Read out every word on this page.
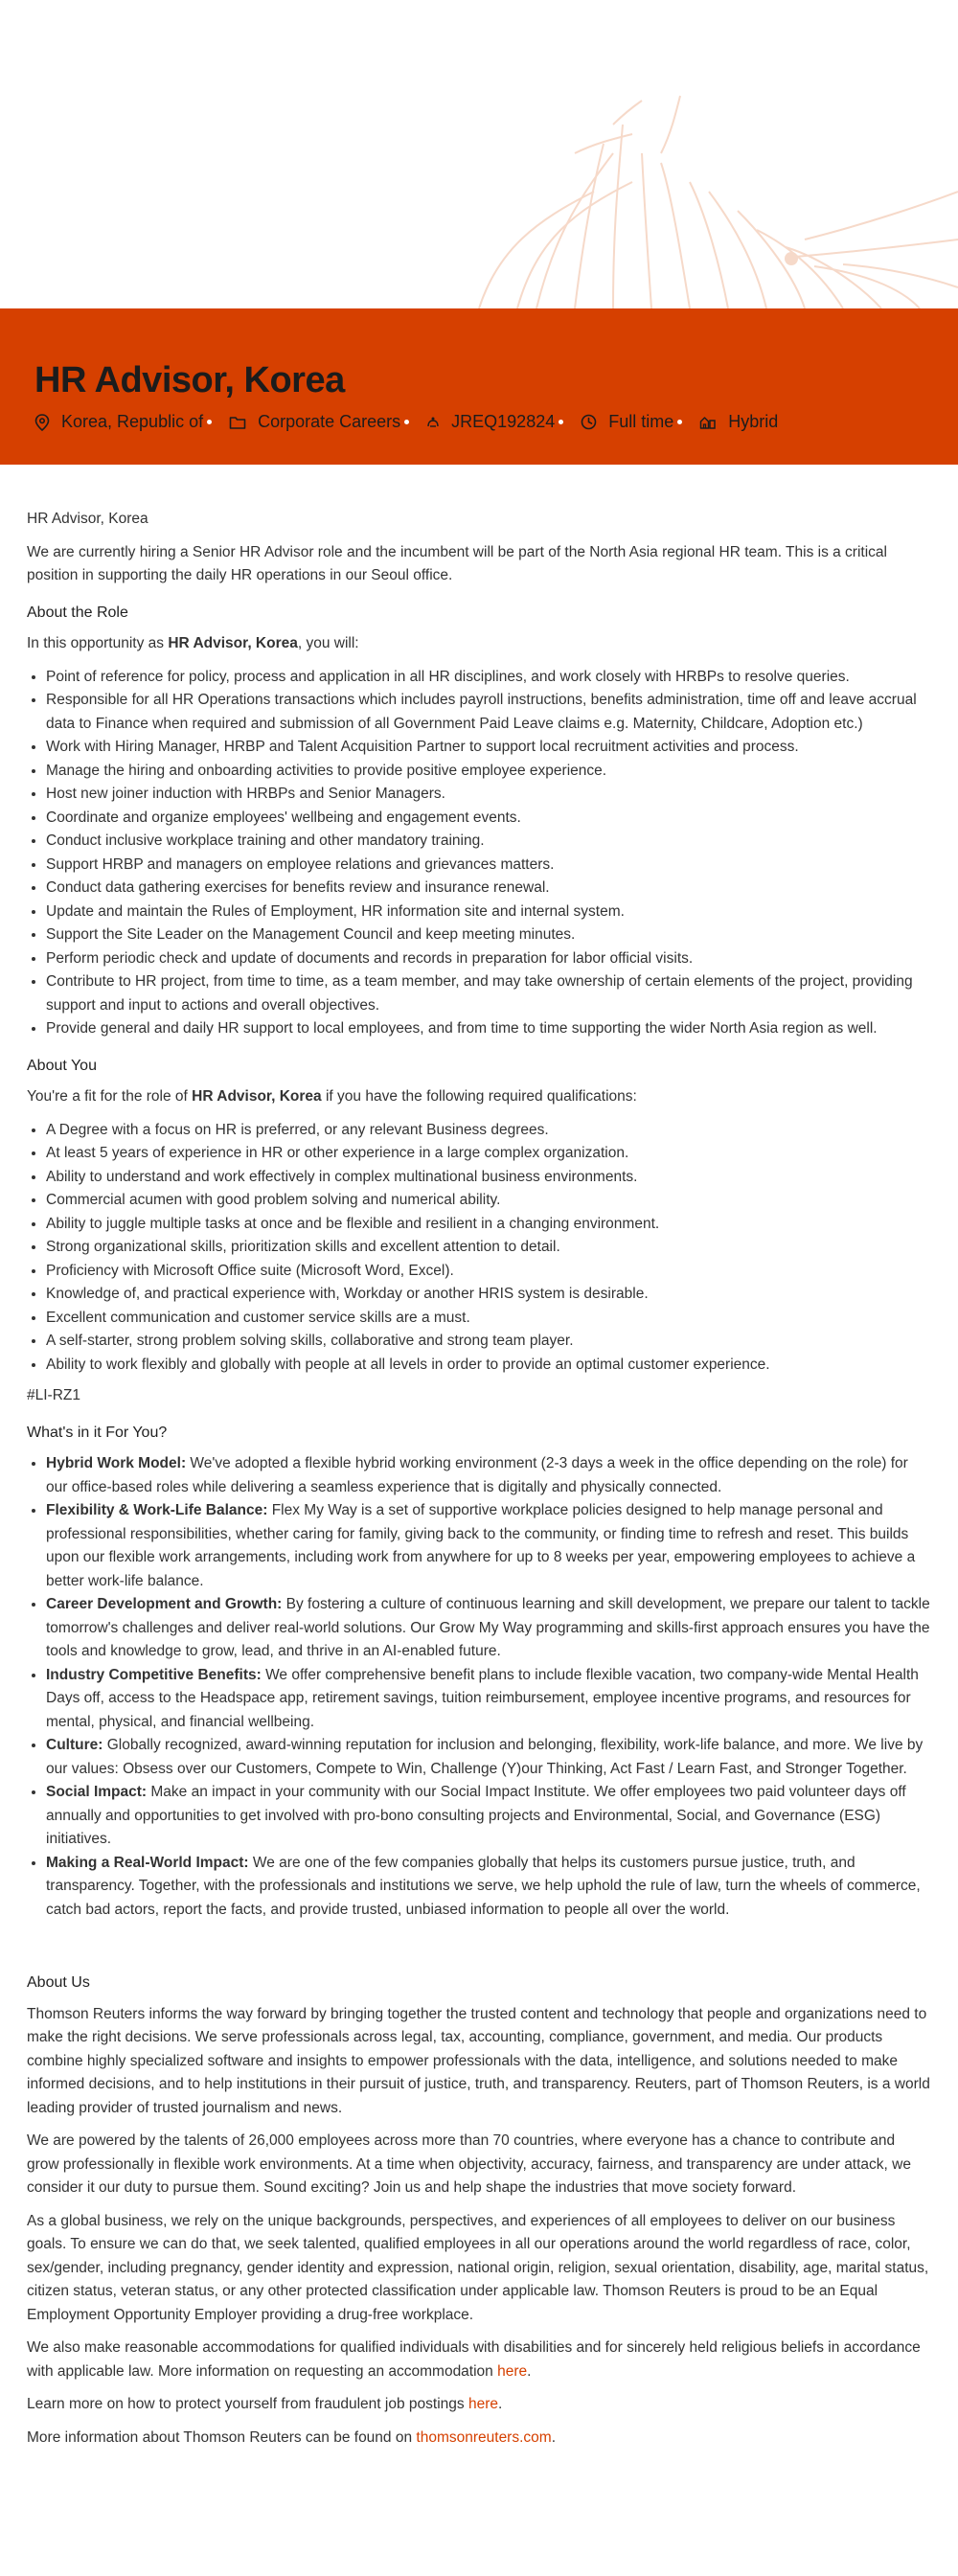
HR Advisor, Korea
Korea, Republic of	Corporate Careers	JREQ192824	Full time	Hybrid

HR Advisor, Korea

We are currently hiring a Senior HR Advisor role and the incumbent will be part of the North Asia regional HR team. This is a critical position in supporting the daily HR operations in our Seoul office.

About the Role

In this opportunity as HR Advisor, Korea, you will:

• Point of reference for policy, process and application in all HR disciplines, and work closely with HRBPs to resolve queries.
• Responsible for all HR Operations transactions which includes payroll instructions, benefits administration, time off and leave accrual data to Finance when required and submission of all Government Paid Leave claims e.g. Maternity, Childcare, Adoption etc.)
• Work with Hiring Manager, HRBP and Talent Acquisition Partner to support local recruitment activities and process.
• Manage the hiring and onboarding activities to provide positive employee experience.
• Host new joiner induction with HRBPs and Senior Managers.
• Coordinate and organize employees' wellbeing and engagement events.
• Conduct inclusive workplace training and other mandatory training.
• Support HRBP and managers on employee relations and grievances matters.
• Conduct data gathering exercises for benefits review and insurance renewal.
• Update and maintain the Rules of Employment, HR information site and internal system.
• Support the Site Leader on the Management Council and keep meeting minutes.
• Perform periodic check and update of documents and records in preparation for labor official visits.
• Contribute to HR project, from time to time, as a team member, and may take ownership of certain elements of the project, providing support and input to actions and overall objectives.
• Provide general and daily HR support to local employees, and from time to time supporting the wider North Asia region as well.
About You

You're a fit for the role of HR Advisor, Korea if you have the following required qualifications:

• A Degree with a focus on HR is preferred, or any relevant Business degrees.
• At least 5 years of experience in HR or other experience in a large complex organization.
• Ability to understand and work effectively in complex multinational business environments.
• Commercial acumen with good problem solving and numerical ability.
• Ability to juggle multiple tasks at once and be flexible and resilient in a changing environment.
• Strong organizational skills, prioritization skills and excellent attention to detail.
• Proficiency with Microsoft Office suite (Microsoft Word, Excel).
• Knowledge of, and practical experience with, Workday or another HRIS system is desirable.
• Excellent communication and customer service skills are a must.
• A self-starter, strong problem solving skills, collaborative and strong team player.
• Ability to work flexibly and globally with people at all levels in order to provide an optimal customer experience.

#LI-RZ1

What's in it For You?
• Hybrid Work Model: We've adopted a flexible hybrid working environment (2-3 days a week in the office depending on the role) for our office-based roles while delivering a seamless experience that is digitally and physically connected.
• Flexibility & Work-Life Balance: Flex My Way is a set of supportive workplace policies designed to help manage personal and professional responsibilities, whether caring for family, giving back to the community, or finding time to refresh and reset. This builds upon our flexible work arrangements, including work from anywhere for up to 8 weeks per year, empowering employees to achieve a better work-life balance.
• Career Development and Growth: By fostering a culture of continuous learning and skill development, we prepare our talent to tackle tomorrow's challenges and deliver real-world solutions. Our Grow My Way programming and skills-first approach ensures you have the tools and knowledge to grow, lead, and thrive in an AI-enabled future.
• Industry Competitive Benefits: We offer comprehensive benefit plans to include flexible vacation, two company-wide Mental Health Days off, access to the Headspace app, retirement savings, tuition reimbursement, employee incentive programs, and resources for mental, physical, and financial wellbeing.
• Culture: Globally recognized, award-winning reputation for inclusion and belonging, flexibility, work-life balance, and more. We live by our values: Obsess over our Customers, Compete to Win, Challenge (Y)our Thinking, Act Fast / Learn Fast, and Stronger Together.
• Social Impact: Make an impact in your community with our Social Impact Institute. We offer employees two paid volunteer days off annually and opportunities to get involved with pro-bono consulting projects and Environmental, Social, and Governance (ESG) initiatives.
• Making a Real-World Impact: We are one of the few companies globally that helps its customers pursue justice, truth, and transparency. Together, with the professionals and institutions we serve, we help uphold the rule of law, turn the wheels of commerce, catch bad actors, report the facts, and provide trusted, unbiased information to people all over the world.
About Us

Thomson Reuters informs the way forward by bringing together the trusted content and technology that people and organizations need to make the right decisions. We serve professionals across legal, tax, accounting, compliance, government, and media. Our products combine highly specialized software and insights to empower professionals with the data, intelligence, and solutions needed to make informed decisions, and to help institutions in their pursuit of justice, truth, and transparency. Reuters, part of Thomson Reuters, is a world leading provider of trusted journalism and news.

We are powered by the talents of 26,000 employees across more than 70 countries, where everyone has a chance to contribute and grow professionally in flexible work environments. At a time when objectivity, accuracy, fairness, and transparency are under attack, we consider it our duty to pursue them. Sound exciting? Join us and help shape the industries that move society forward.

As a global business, we rely on the unique backgrounds, perspectives, and experiences of all employees to deliver on our business goals. To ensure we can do that, we seek talented, qualified employees in all our operations around the world regardless of race, color, sex/gender, including pregnancy, gender identity and expression, national origin, religion, sexual orientation, disability, age, marital status, citizen status, veteran status, or any other protected classification under applicable law. Thomson Reuters is proud to be an Equal Employment Opportunity Employer providing a drug-free workplace.

We also make reasonable accommodations for qualified individuals with disabilities and for sincerely held religious beliefs in accordance with applicable law. More information on requesting an accommodation here.

Learn more on how to protect yourself from fraudulent job postings here.

More information about Thomson Reuters can be found on thomsonreuters.com.
